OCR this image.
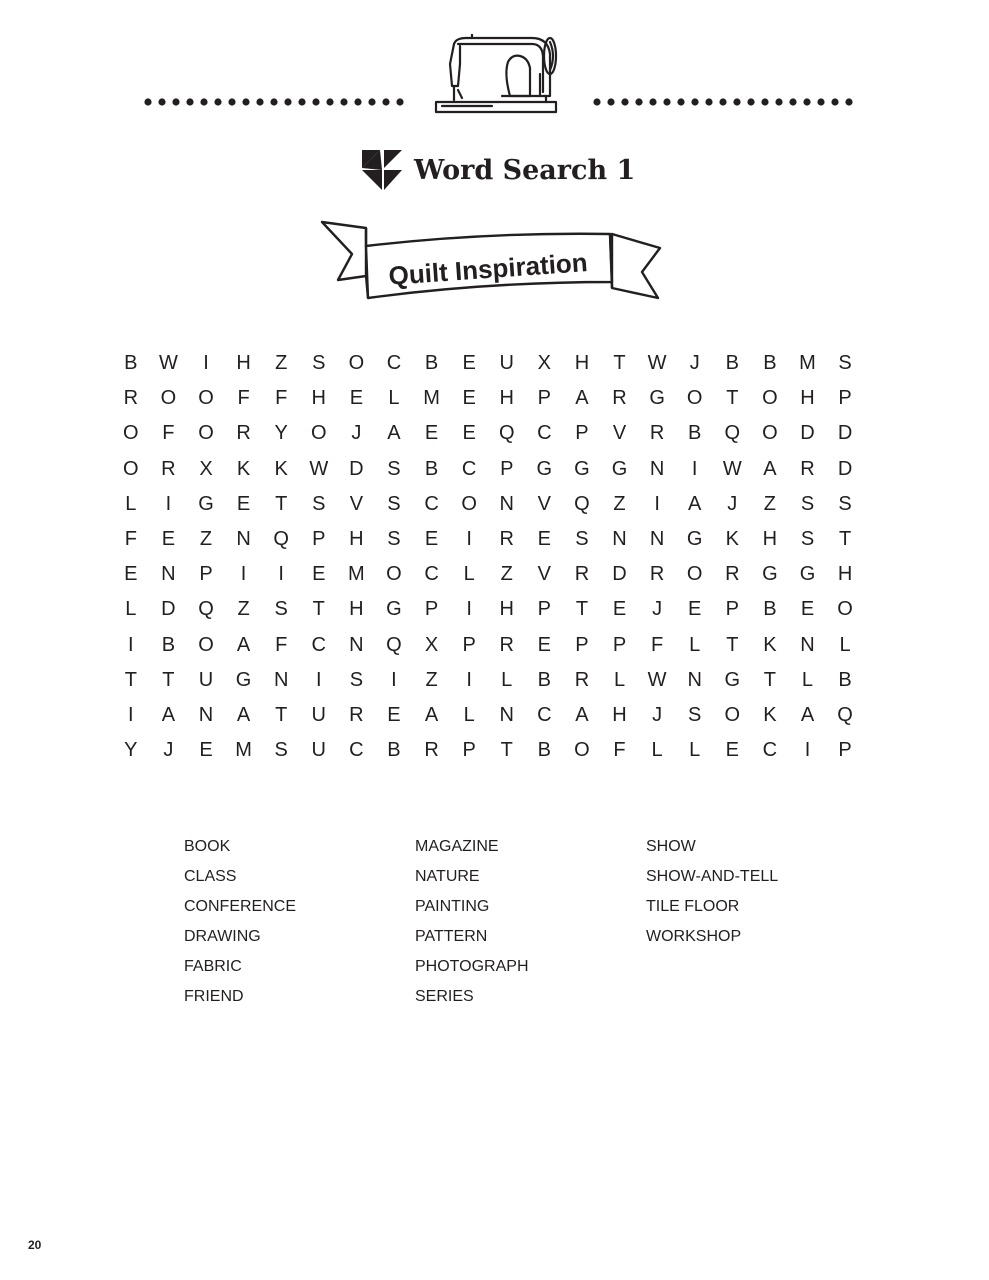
Word Search 1
Quilt Inspiration
B	W	I	H	Z	S	O	C	B	E	U	X	H	T	W	J	B	B	M	S
R	O	O	F	F	H	E	L	M	E	H	P	A	R	G	O	T	O	H	P
O	F	O	R	Y	O	J	A	E	E	Q	C	P	V	R	B	Q	O	D	D
O	R	X	K	K	W	D	S	B	C	P	G	G	G	N	I	W	A	R	D
L	I	G	E	T	S	V	S	C	O	N	V	Q	Z	I	A	J	Z	S	S
F	E	Z	N	Q	P	H	S	E	I	R	E	S	N	N	G	K	H	S	T
E	N	P	I	I	E	M	O	C	L	Z	V	R	D	R	O	R	G	G	H
L	D	Q	Z	S	T	H	G	P	I	H	P	T	E	J	E	P	B	E	O
I	B	O	A	F	C	N	Q	X	P	R	E	P	P	F	L	T	K	N	L
T	T	U	G	N	I	S	I	Z	I	L	B	R	L	W	N	G	T	L	B
I	A	N	A	T	U	R	E	A	L	N	C	A	H	J	S	O	K	A	Q
Y	J	E	M	S	U	C	B	R	P	T	B	O	F	L	L	E	C	I	P
BOOK
CLASS
CONFERENCE
DRAWING
FABRIC
FRIEND
MAGAZINE
NATURE
PAINTING
PATTERN
PHOTOGRAPH
SERIES
SHOW
SHOW-AND-TELL
TILE FLOOR
WORKSHOP
20
